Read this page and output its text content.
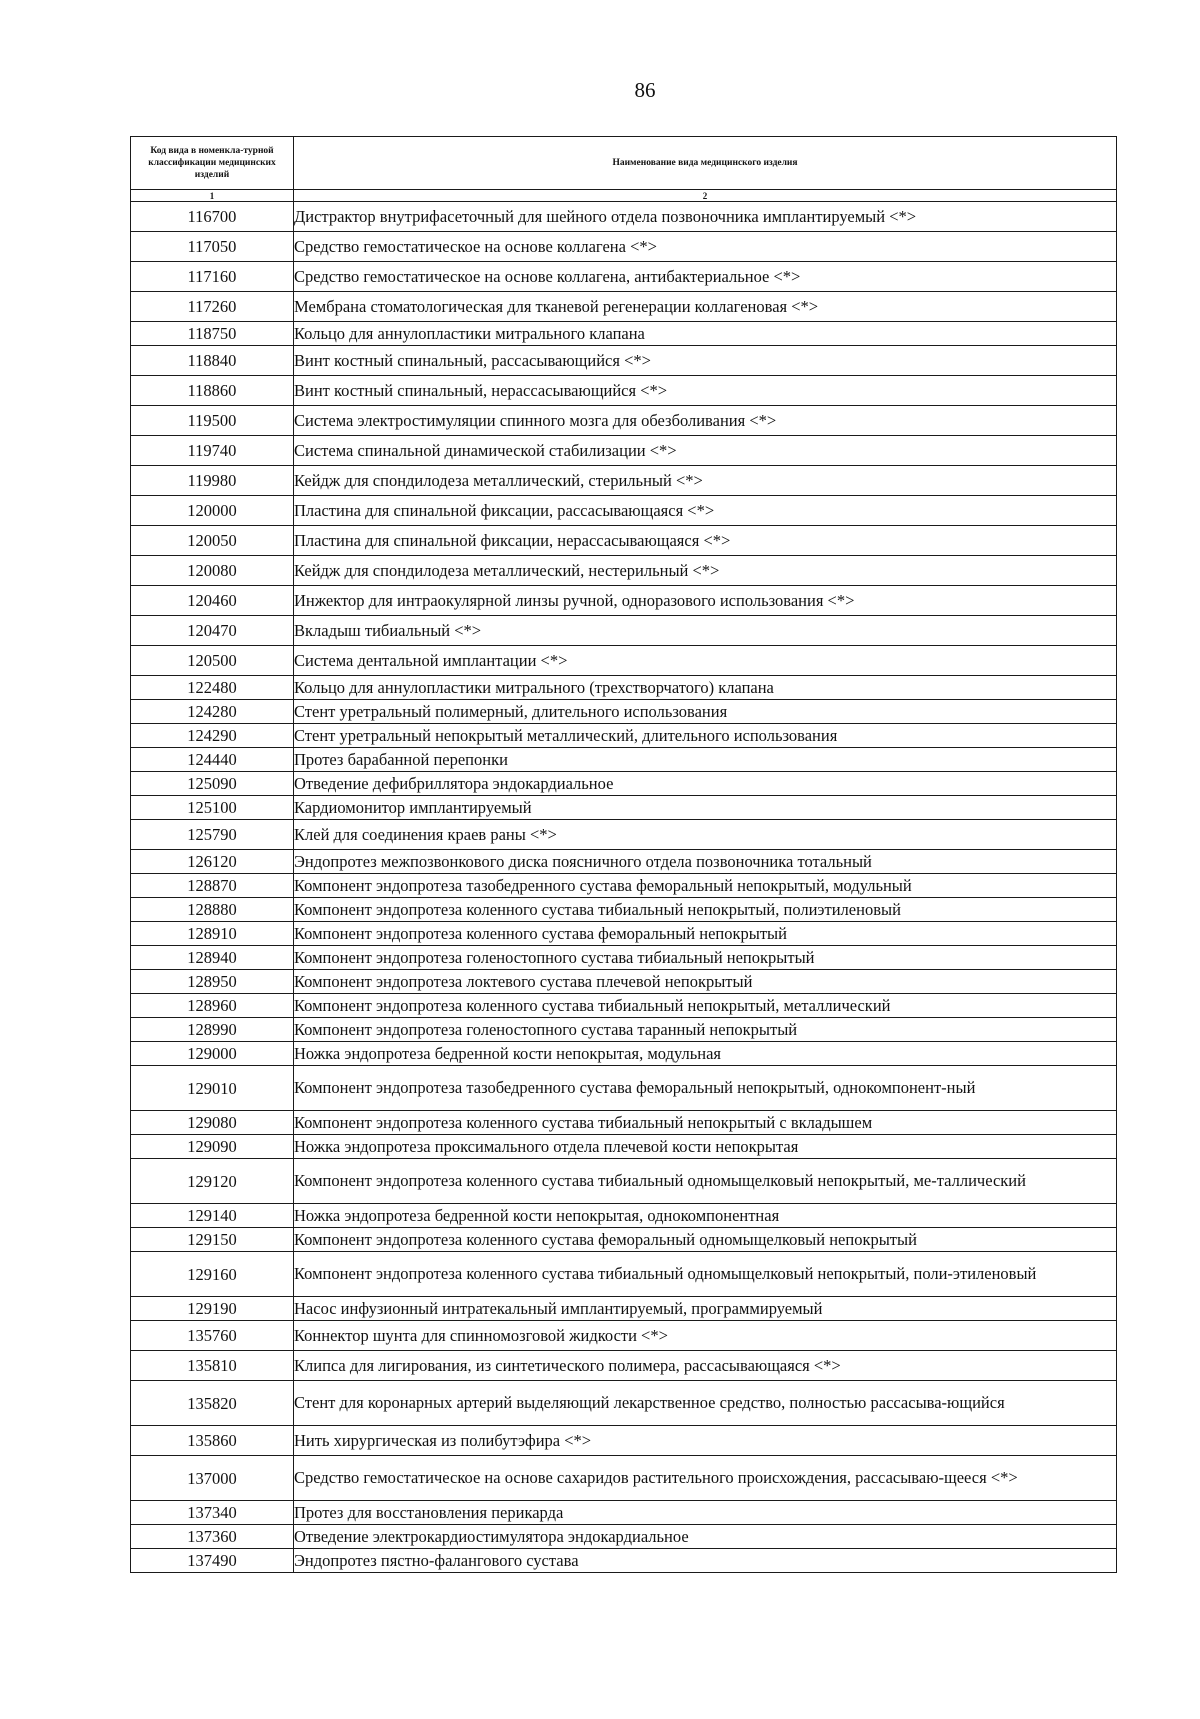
86
Код вида в номенкла-турной классификации медицинских изделий	Наименование вида медицинского изделия
1	2
116700	Дистрактор внутрифасеточный для шейного отдела позвоночника имплантируемый <*>
117050	Средство гемостатическое на основе коллагена <*>
117160	Средство гемостатическое на основе коллагена, антибактериальное <*>
117260	Мембрана стоматологическая для тканевой регенерации коллагеновая <*>
118750	Кольцо для аннулопластики митрального клапана
118840	Винт костный спинальный, рассасывающийся <*>
118860	Винт костный спинальный, нерассасывающийся <*>
119500	Система электростимуляции спинного мозга для обезболивания <*>
119740	Система спинальной динамической стабилизации <*>
119980	Кейдж для спондилодеза металлический, стерильный <*>
120000	Пластина для спинальной фиксации, рассасывающаяся <*>
120050	Пластина для спинальной фиксации, нерассасывающаяся <*>
120080	Кейдж для спондилодеза металлический, нестерильный <*>
120460	Инжектор для интраокулярной линзы ручной, одноразового использования <*>
120470	Вкладыш тибиальный <*>
120500	Система дентальной имплантации <*>
122480	Кольцо для аннулопластики митрального (трехстворчатого) клапана
124280	Стент уретральный полимерный, длительного использования
124290	Стент уретральный непокрытый металлический, длительного использования
124440	Протез барабанной перепонки
125090	Отведение дефибриллятора эндокардиальное
125100	Кардиомонитор имплантируемый
125790	Клей для соединения краев раны <*>
126120	Эндопротез межпозвонкового диска поясничного отдела позвоночника тотальный
128870	Компонент эндопротеза тазобедренного сустава феморальный непокрытый, модульный
128880	Компонент эндопротеза коленного сустава тибиальный непокрытый, полиэтиленовый
128910	Компонент эндопротеза коленного сустава феморальный непокрытый
128940	Компонент эндопротеза голеностопного сустава тибиальный непокрытый
128950	Компонент эндопротеза локтевого сустава плечевой непокрытый
128960	Компонент эндопротеза коленного сустава тибиальный непокрытый, металлический
128990	Компонент эндопротеза голеностопного сустава таранный непокрытый
129000	Ножка эндопротеза бедренной кости непокрытая, модульная
129010	Компонент эндопротеза тазобедренного сустава феморальный непокрытый, однокомпонент-ный
129080	Компонент эндопротеза коленного сустава тибиальный непокрытый с вкладышем
129090	Ножка эндопротеза проксимального отдела плечевой кости непокрытая
129120	Компонент эндопротеза коленного сустава тибиальный одномыщелковый непокрытый, ме-таллический
129140	Ножка эндопротеза бедренной кости непокрытая, однокомпонентная
129150	Компонент эндопротеза коленного сустава феморальный одномыщелковый непокрытый
129160	Компонент эндопротеза коленного сустава тибиальный одномыщелковый непокрытый, поли-этиленовый
129190	Насос инфузионный интратекальный имплантируемый, программируемый
135760	Коннектор шунта для спинномозговой жидкости <*>
135810	Клипса для лигирования, из синтетического полимера, рассасывающаяся <*>
135820	Стент для коронарных артерий выделяющий лекарственное средство, полностью рассасыва-ющийся
135860	Нить хирургическая из полибутэфира <*>
137000	Средство гемостатическое на основе сахаридов растительного происхождения, рассасываю-щееся <*>
137340	Протез для восстановления перикарда
137360	Отведение электрокардиостимулятора эндокардиальное
137490	Эндопротез пястно-фалангового сустава
